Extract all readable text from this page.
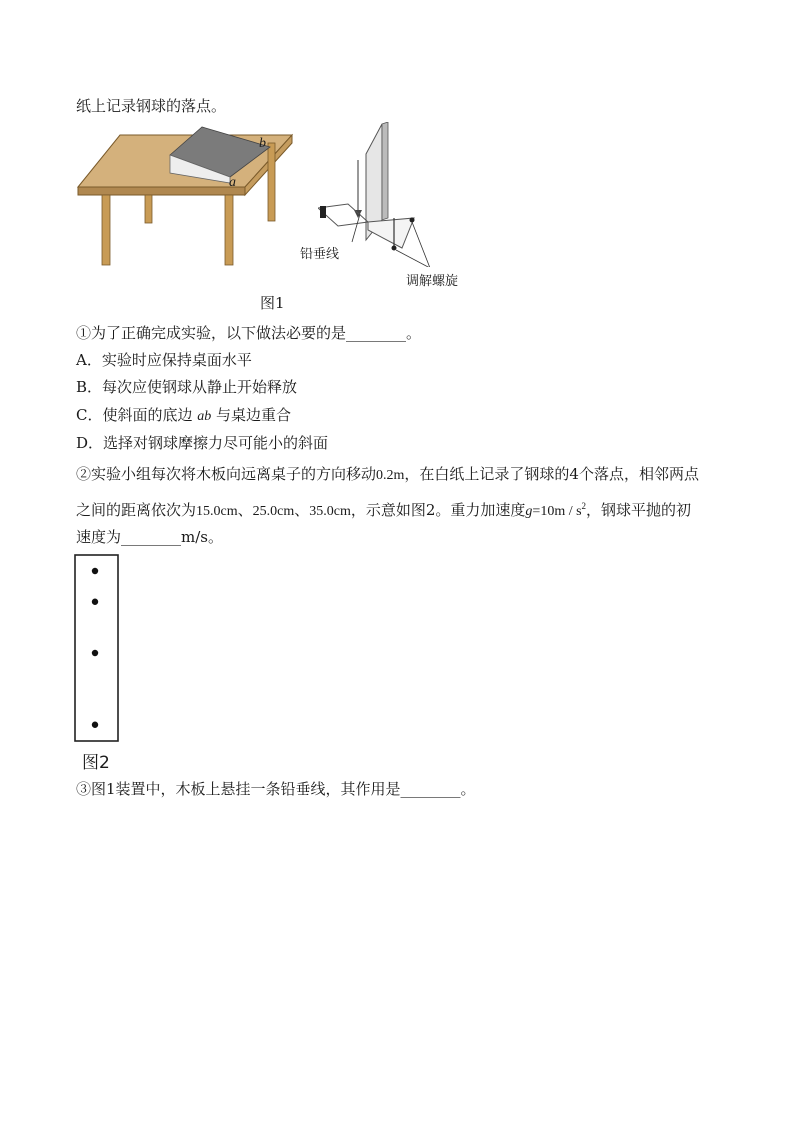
纸上记录钢球的落点。
b
a
铅垂线
调解螺旋
图1
①为了正确完成实验，以下做法必要的是________。
A．实验时应保持桌面水平
B．每次应使钢球从静止开始释放
C．使斜面的底边 ab 与桌边重合
D．选择对钢球摩擦力尽可能小的斜面
②实验小组每次将木板向远离桌子的方向移动0.2m，在白纸上记录了钢球的4个落点，相邻两点
之间的距离依次为15.0cm、25.0cm、35.0cm，示意如图2。重力加速度$g=10m / s^2$，钢球平抛的初
速度为________m/s。
图2
③图1装置中，木板上悬挂一条铅垂线，其作用是________。
